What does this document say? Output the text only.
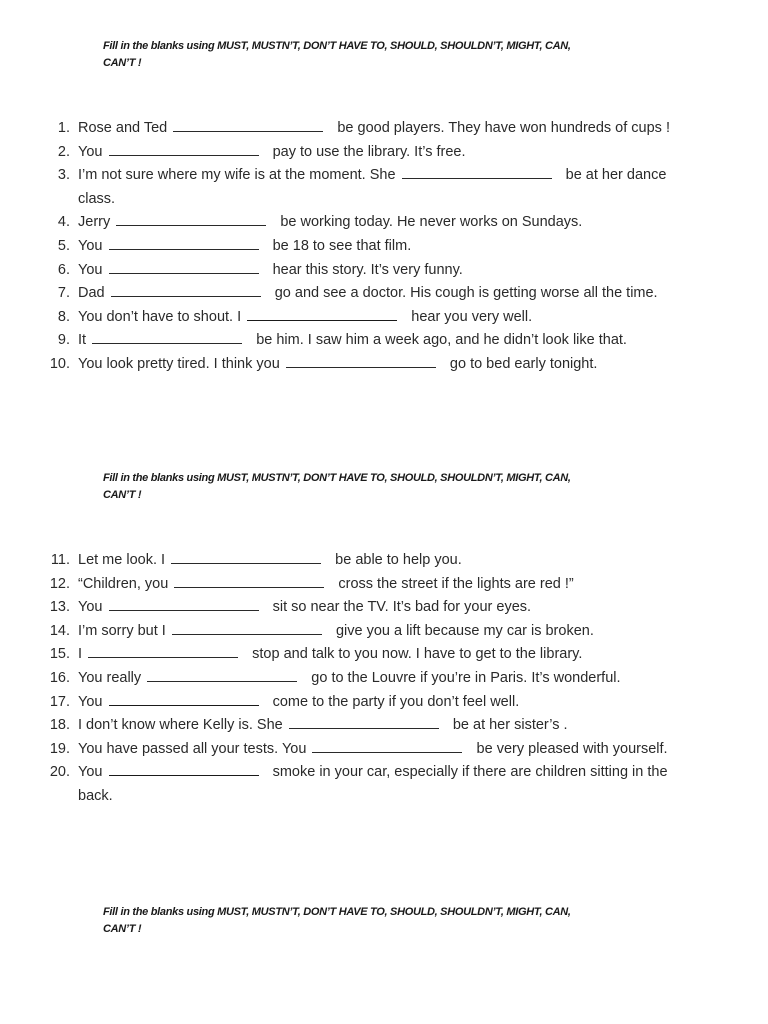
Fill in the blanks using MUST, MUSTN’T, DON’T HAVE TO, SHOULD, SHOULDN’T, MIGHT, CAN,
CAN’T !
1. Rose and Ted	be good players. They have won hundreds of cups !
2. You	pay to use the library. It’s free.
3. I’m not sure where my wife is at the moment. She	be at her dance
class.
4. Jerry	be working today. He never works on Sundays.
5. You	be 18 to see that film.
6. You	hear this story. It’s very funny.
7. Dad	go and see a doctor. His cough is getting worse all the time.
8. You don’t have to shout. I	hear you very well.
9. It	be him. I saw him a week ago, and he didn’t look like that.
10. You look pretty tired. I think you	go to bed early tonight.
Fill in the blanks using MUST, MUSTN’T, DON’T HAVE TO, SHOULD, SHOULDN’T, MIGHT, CAN,
CAN’T !
11. Let me look. I	be able to help you.
12. “Children, you	cross the street if the lights are red !”
13. You	sit so near the TV. It’s bad for your eyes.
14. I’m sorry but I	give you a lift because my car is broken.
15. I	stop and talk to you now. I have to get to the library.
16. You really	go to the Louvre if you’re in Paris. It’s wonderful.
17. You	come to the party if you don’t feel well.
18. I don’t know where Kelly is. She	be at her sister’s .
19. You have passed all your tests. You	be very pleased with yourself.
20. You	smoke in your car, especially if there are children sitting in the
back.
Fill in the blanks using MUST, MUSTN’T, DON’T HAVE TO, SHOULD, SHOULDN’T, MIGHT, CAN,
CAN’T !
